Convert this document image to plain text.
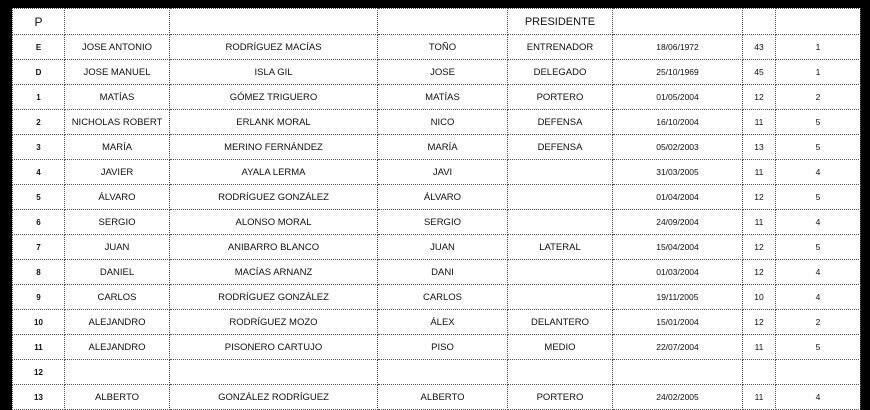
P				PRESIDENTE			
E	JOSE ANTONIO	RODRÍGUEZ MACÍAS	TOÑO	ENTRENADOR	18/06/1972	43	1
D	JOSE MANUEL	ISLA GIL	JOSE	DELEGADO	25/10/1969	45	1
1	MATÍAS	GÓMEZ TRIGUERO	MATÍAS	PORTERO	01/05/2004	12	2
2	NICHOLAS ROBERT	ERLANK MORAL	NICO	DEFENSA	16/10/2004	11	5
3	MARÍA	MERINO FERNÁNDEZ	MARÍA	DEFENSA	05/02/2003	13	5
4	JAVIER	AYALA LERMA	JAVI		31/03/2005	11	4
5	ÁLVARO	RODRÍGUEZ GONZÁLEZ	ÁLVARO		01/04/2004	12	5
6	SERGIO	ALONSO MORAL	SERGIO		24/09/2004	11	4
7	JUAN	ANIBARRO BLANCO	JUAN	LATERAL	15/04/2004	12	5
8	DANIEL	MACÍAS ARNANZ	DANI		01/03/2004	12	4
9	CARLOS	RODRÍGUEZ GONZÁLEZ	CARLOS		19/11/2005	10	4
10	ALEJANDRO	RODRÍGUEZ MOZO	ÁLEX	DELANTERO	15/01/2004	12	2
11	ALEJANDRO	PISONERO CARTUJO	PISO	MEDIO	22/07/2004	11	5
12							
13	ALBERTO	GONZÁLEZ RODRÍGUEZ	ALBERTO	PORTERO	24/02/2005	11	4
